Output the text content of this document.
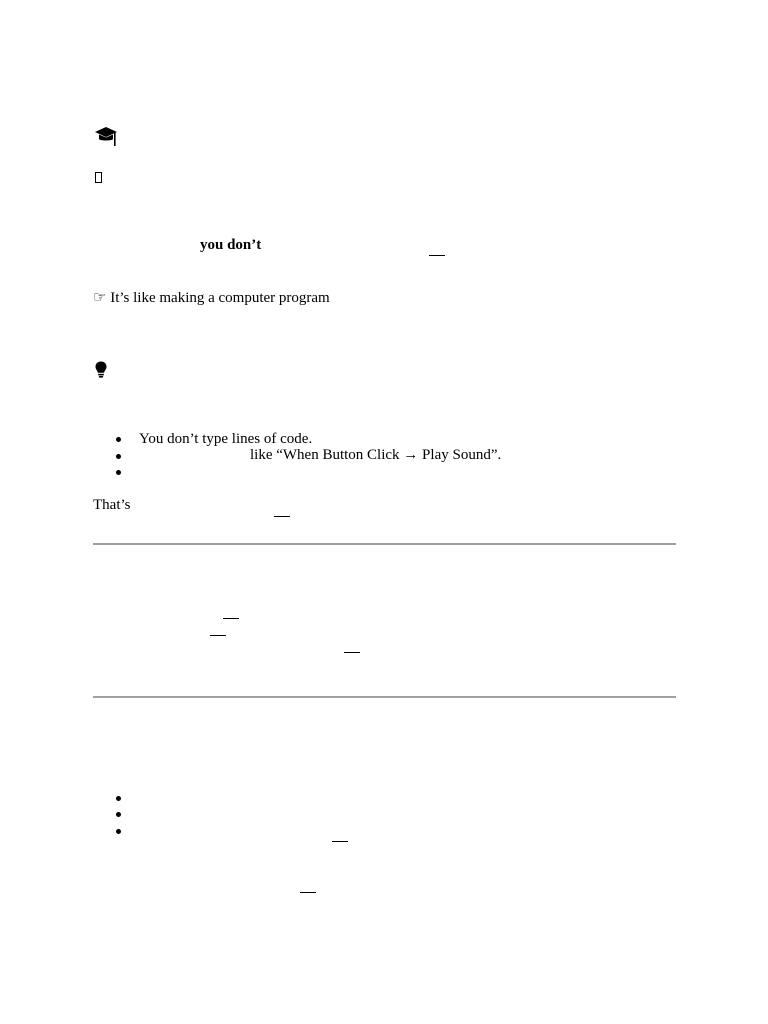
you don’t
☞ It’s like making a computer program
You don’t type lines of code.
like “When Button Click → Play Sound”.
That’s
